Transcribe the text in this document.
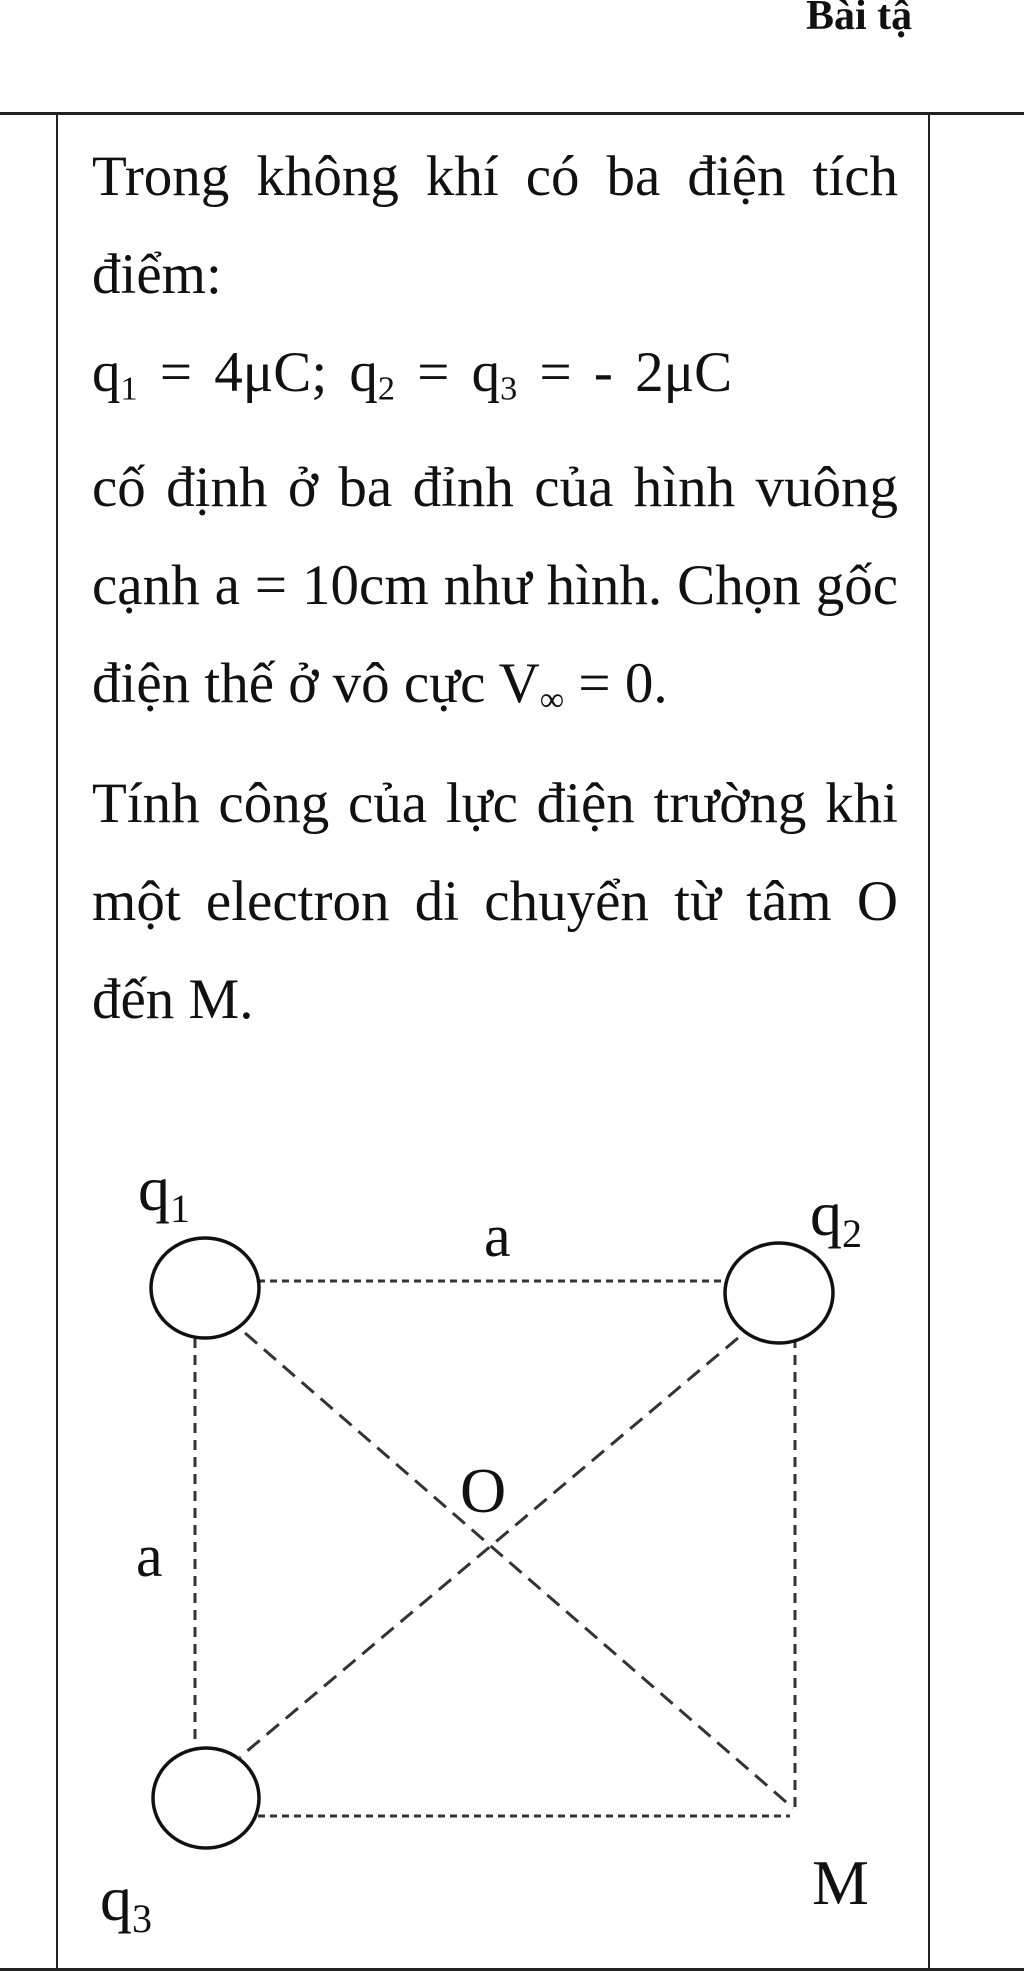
Bài tậ

Trong không khí có ba điện tích điểm:
$q_1 = 4\mu C$; $q_2 = q_3$ = - 2μC
cố định ở ba đỉnh của hình vuông cạnh a = 10cm như hình. Chọn gốc điện thế ở vô cực $V_\infty = 0$.

Tính công của lực điện trường khi một electron di chuyển từ tâm O đến M.

q1	q2
q3
a
a
O
M
